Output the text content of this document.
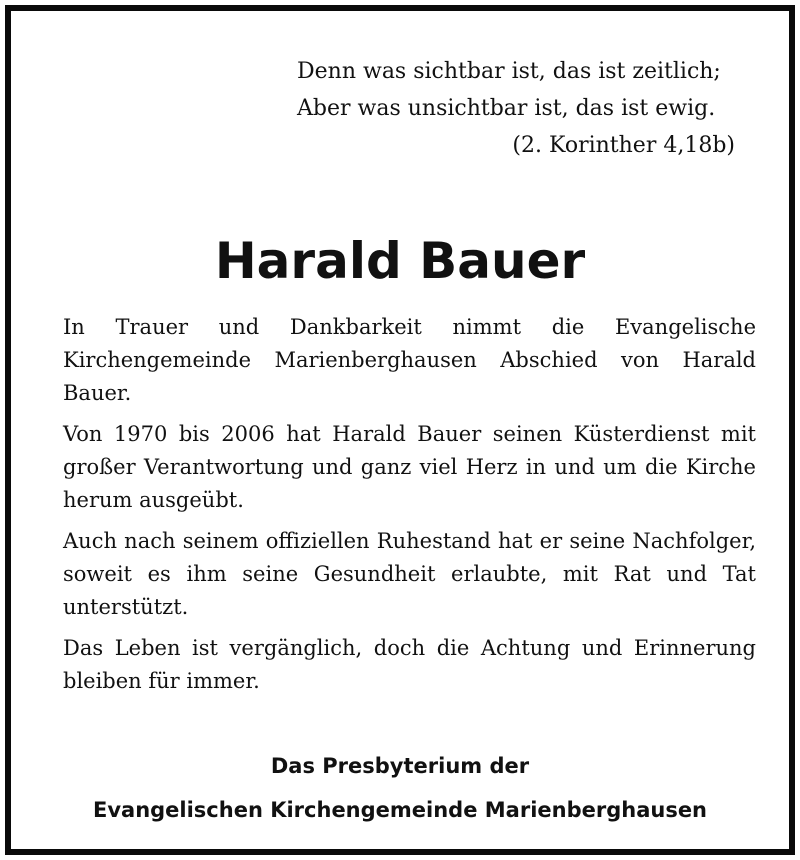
Denn was sichtbar ist, das ist zeitlich;
Aber was unsichtbar ist, das ist ewig.
(2. Korinther 4,18b)
Harald Bauer

In Trauer und Dankbarkeit nimmt die Evangelische Kirchengemeinde Marienberghausen Abschied von Harald Bauer.

Von 1970 bis 2006 hat Harald Bauer seinen Küsterdienst mit großer Verantwortung und ganz viel Herz in und um die Kirche herum ausgeübt.

Auch nach seinem offiziellen Ruhestand hat er seine Nachfolger, soweit es ihm seine Gesundheit erlaubte, mit Rat und Tat unterstützt.

Das Leben ist vergänglich, doch die Achtung und Erinnerung bleiben für immer.

Das Presbyterium der
Evangelischen Kirchengemeinde Marienberghausen
